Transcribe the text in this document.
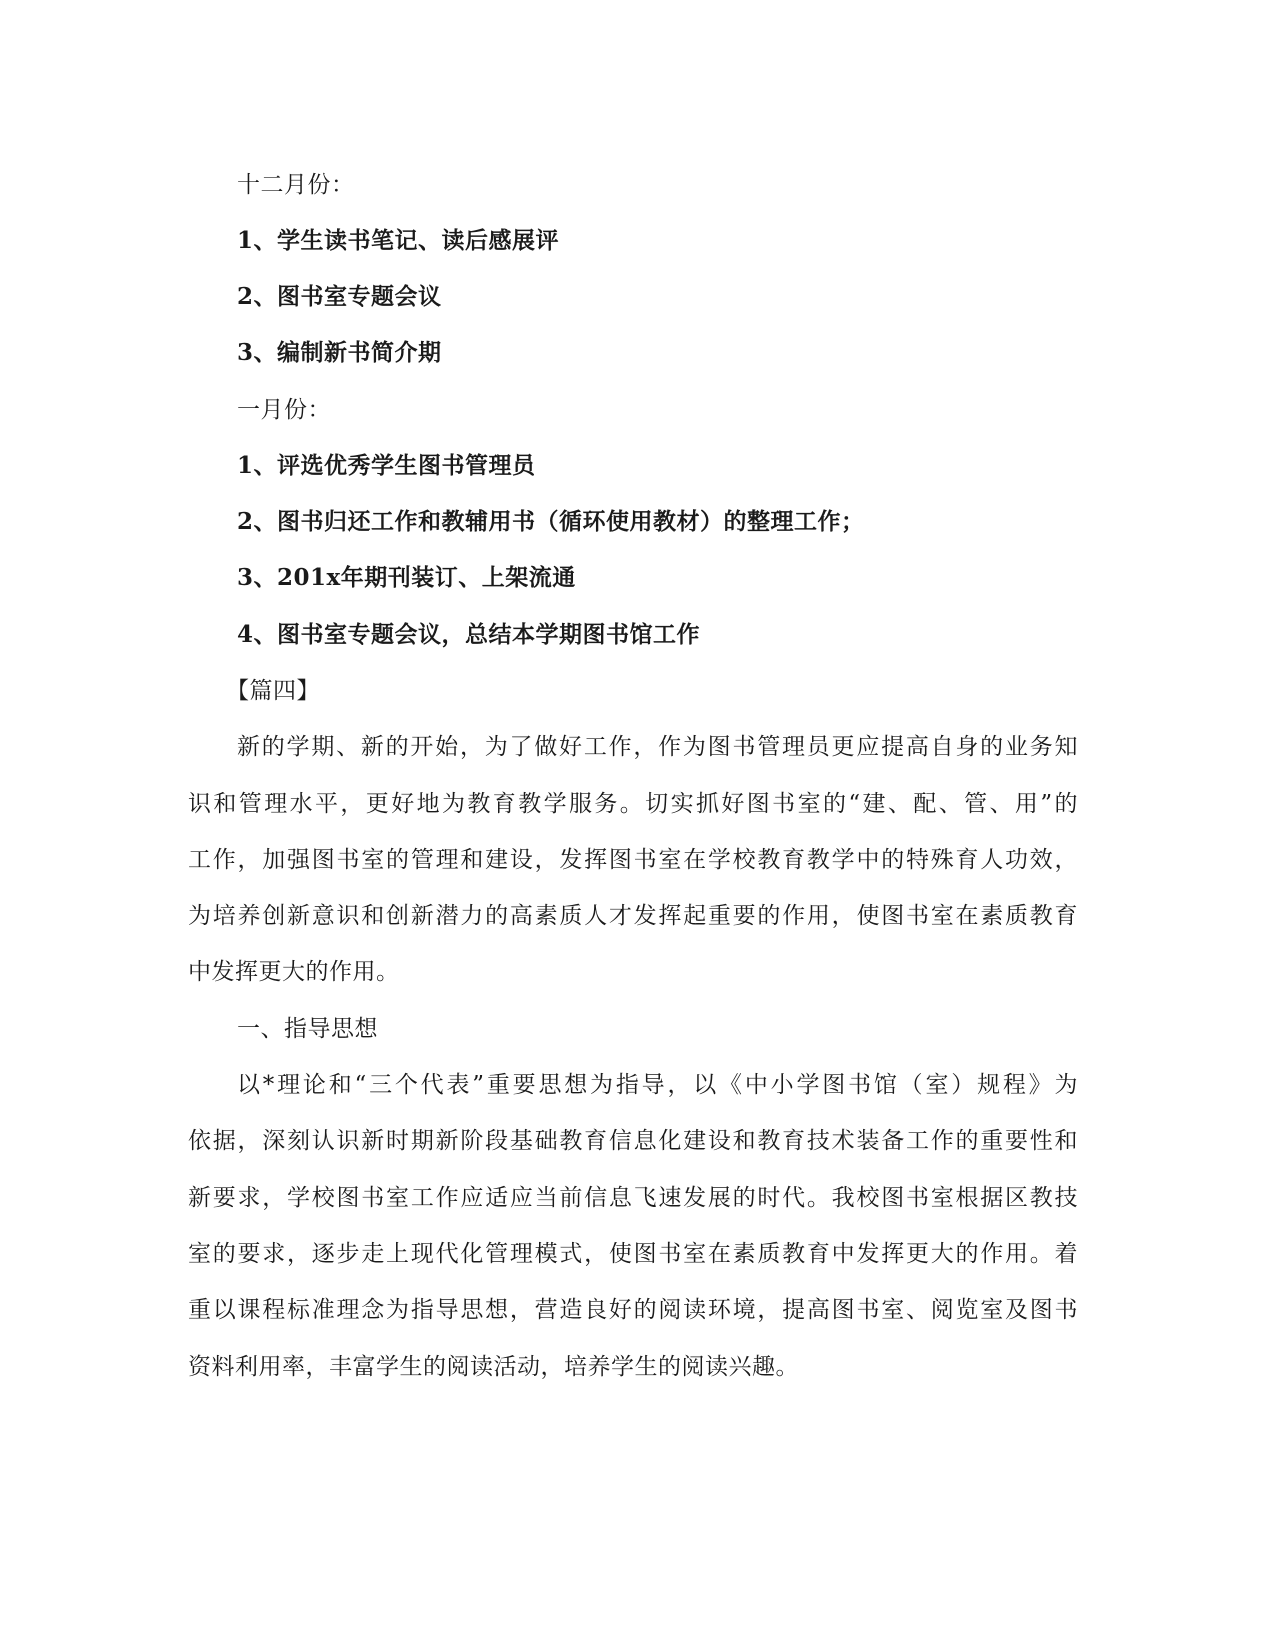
十二月份：
1、学生读书笔记、读后感展评
2、图书室专题会议
3、编制新书简介期
一月份：
1、评选优秀学生图书管理员
2、图书归还工作和教辅用书（循环使用教材）的整理工作；
3、201x年期刊装订、上架流通
4、图书室专题会议，总结本学期图书馆工作
【篇四】
新的学期、新的开始，为了做好工作，作为图书管理员更应提高自身的业务知
识和管理水平，更好地为教育教学服务。切实抓好图书室的“建、配、管、用”的
工作，加强图书室的管理和建设，发挥图书室在学校教育教学中的特殊育人功效，
为培养创新意识和创新潜力的高素质人才发挥起重要的作用，使图书室在素质教育
中发挥更大的作用。
一、指导思想
以*理论和“三个代表”重要思想为指导，以《中小学图书馆（室）规程》为
依据，深刻认识新时期新阶段基础教育信息化建设和教育技术装备工作的重要性和
新要求，学校图书室工作应适应当前信息飞速发展的时代。我校图书室根据区教技
室的要求，逐步走上现代化管理模式，使图书室在素质教育中发挥更大的作用。着
重以课程标准理念为指导思想，营造良好的阅读环境，提高图书室、阅览室及图书
资料利用率，丰富学生的阅读活动，培养学生的阅读兴趣。
